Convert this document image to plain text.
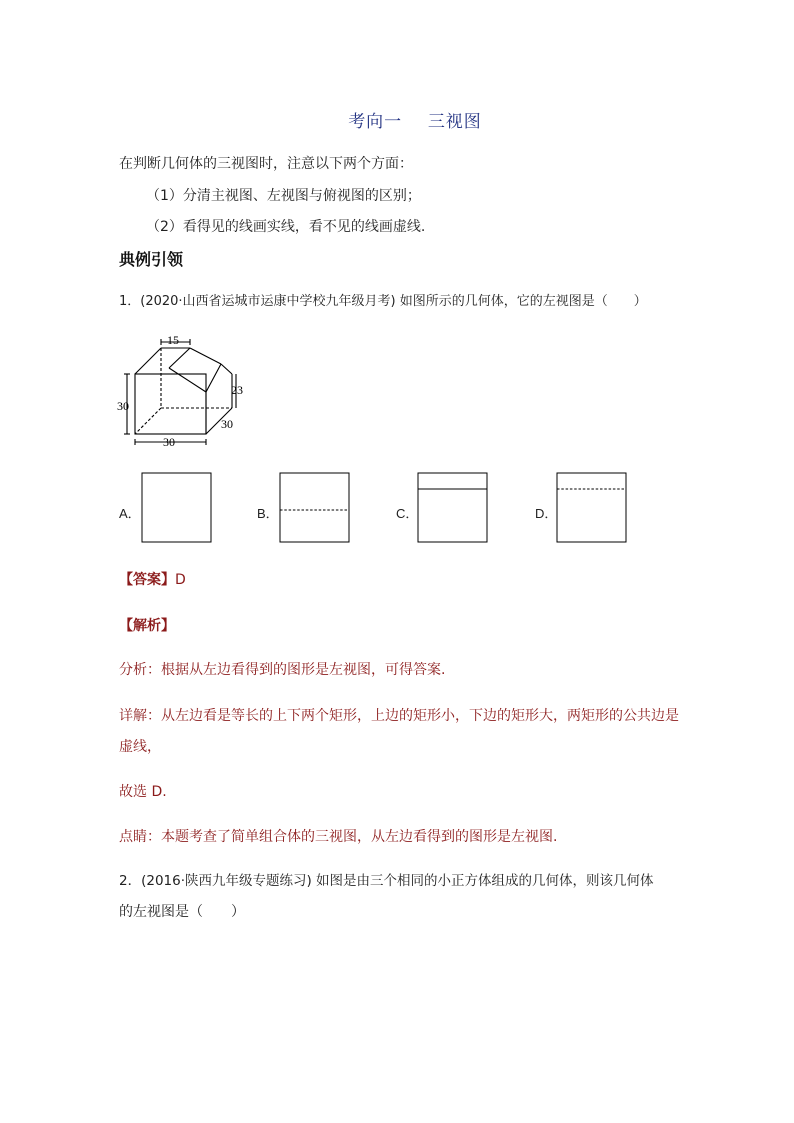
考向一 三视图
在判断几何体的三视图时，注意以下两个方面：
（1）分清主视图、左视图与俯视图的区别；
（2）看得见的线画实线，看不见的线画虚线.
典例引领
1．(2020·山西省运城市运康中学校九年级月考) 如图所示的几何体，它的左视图是（　　）
15
23
30
30
30
A．	B．	C．	D．
【答案】D
【解析】
分析：根据从左边看得到的图形是左视图，可得答案.
详解：从左边看是等长的上下两个矩形，上边的矩形小，下边的矩形大，两矩形的公共边是
虚线，
故选 D.
点睛：本题考查了简单组合体的三视图，从左边看得到的图形是左视图.
2．(2016·陕西九年级专题练习) 如图是由三个相同的小正方体组成的几何体，则该几何体
的左视图是（　　）
